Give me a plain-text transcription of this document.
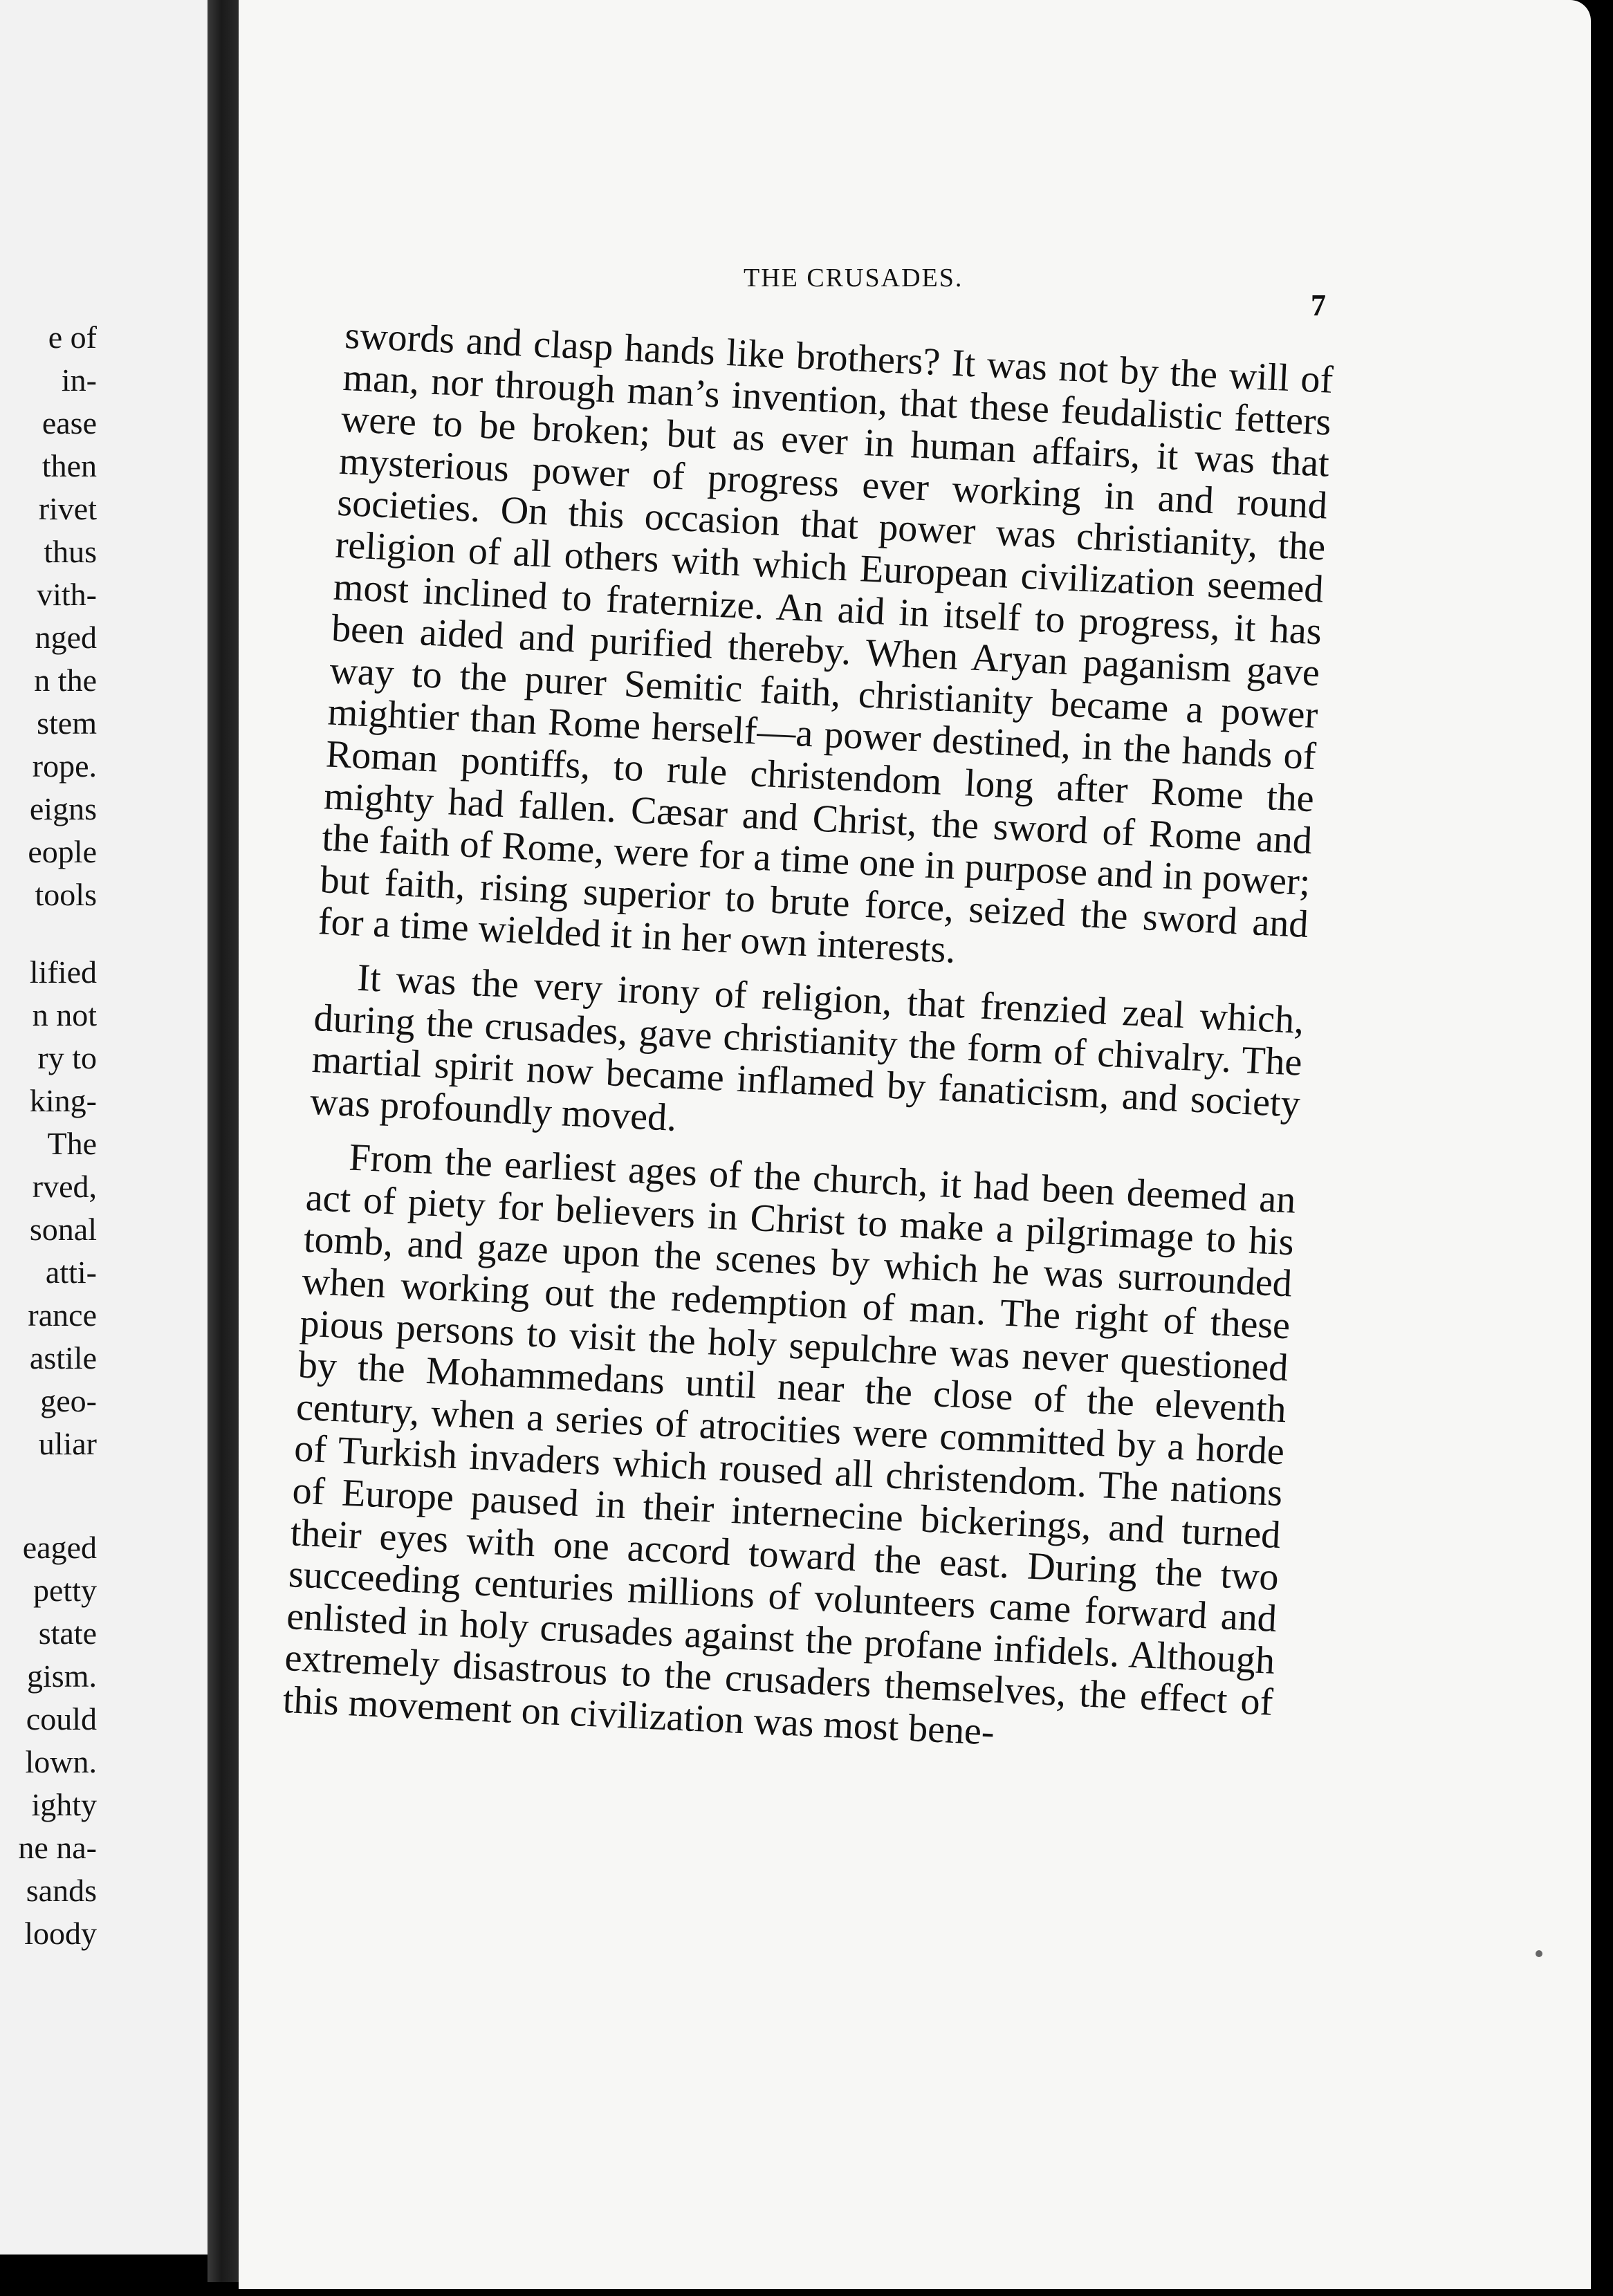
e of
in-
ease
then
rivet
thus
vith-
nged
n the
stem
rope.
eigns
eople
tools
lified
n not
ry to
king-
The
rved,
sonal
atti-
rance
astile
geo-
uliar
eaged
petty
state
gism.
could
lown.
ighty
ne na-
sands
loody
THE CRUSADES.
7

swords and clasp hands like brothers? It was not by the will of man, nor through man’s invention, that these feudalistic fetters were to be broken; but as ever in human affairs, it was that mysterious power of progress ever working in and round societies. On this occasion that power was christianity, the religion of all others with which European civilization seemed most inclined to fraternize. An aid in itself to progress, it has been aided and purified thereby. When Aryan paganism gave way to the purer Semitic faith, christianity became a power mightier than Rome herself—a power destined, in the hands of Roman pontiffs, to rule christendom long after Rome the mighty had fallen. Cæsar and Christ, the sword of Rome and the faith of Rome, were for a time one in purpose and in power; but faith, rising superior to brute force, seized the sword and for a time wielded it in her own interests.

It was the very irony of religion, that frenzied zeal which, during the crusades, gave christianity the form of chivalry. The martial spirit now became inflamed by fanaticism, and society was profoundly moved.

From the earliest ages of the church, it had been deemed an act of piety for believers in Christ to make a pilgrimage to his tomb, and gaze upon the scenes by which he was surrounded when working out the redemption of man. The right of these pious persons to visit the holy sepulchre was never questioned by the Mohammedans until near the close of the eleventh century, when a series of atrocities were committed by a horde of Turkish invaders which roused all christendom. The nations of Europe paused in their internecine bickerings, and turned their eyes with one accord toward the east. During the two succeeding centuries millions of volunteers came forward and enlisted in holy crusades against the profane infidels. Although extremely disastrous to the crusaders themselves, the effect of this movement on civilization was most bene-
